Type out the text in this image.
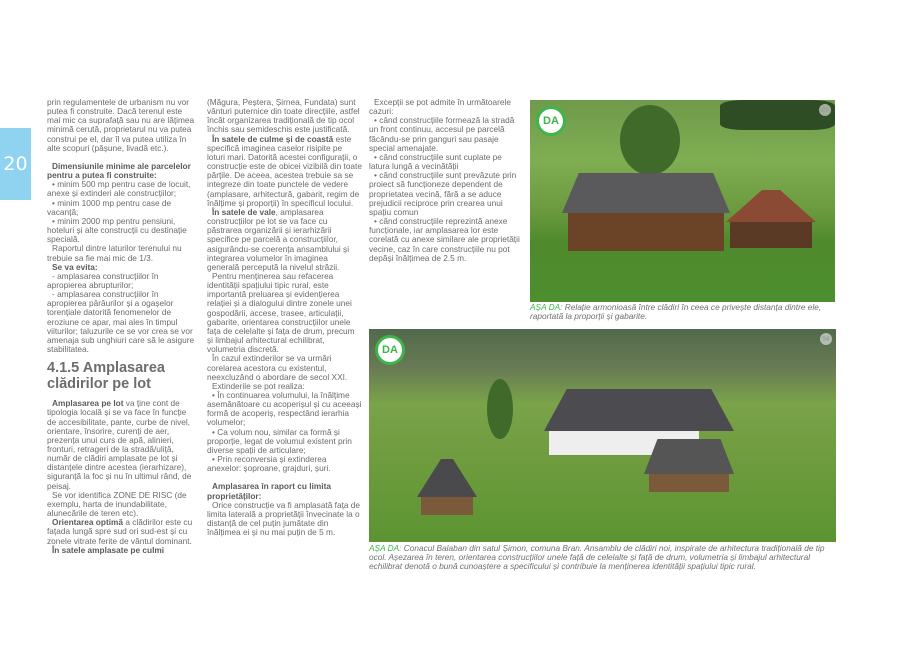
20

prin regulamentele de urbanism nu vor putea fi construite. Dacă terenul este mai mic ca suprafață sau nu are lățimea minimă cerută, proprietarul nu va putea construi pe el, dar îl va putea utiliza în alte scopuri (pășune, livadă etc.).

Dimensiunile minime ale parcelelor pentru a putea fi construite:

• minim 500 mp pentru case de locuit, anexe și extinderi ale construcțiilor;

• minim 1000 mp pentru case de vacanță;

• minim 2000 mp pentru pensiuni, hoteluri și alte construcții cu destinație specială.

Raportul dintre laturilor terenului nu trebuie sa fie mai mic de 1/3.

Se va evita:

- amplasarea construcțiilor în apropierea abrupturilor;

- amplasarea construcțiilor în apropierea pârâurilor și a ogașelor torențiale datorită fenomenelor de eroziune ce apar, mai ales în timpul viiturilor; taluzurile ce se vor crea se vor amenaja sub unghiuri care să le asigure stabilitatea.

4.1.5 Amplasarea clădirilor pe lot

Amplasarea pe lot va ține cont de tipologia locală și se va face în funcție de accesibilitate, pante, curbe de nivel, orientare, însorire, curenți de aer, prezența unui curs de apă, alinieri, fronturi, retrageri de la stradă/uliță, număr de clădiri amplasate pe lot și distanțele dintre acestea (ierarhizare), siguranță la foc și nu în ultimul rând, de peisaj.

Se vor identifica ZONE DE RISC (de exemplu, harta de inundabilitate, alunecările de teren etc).

Orientarea optimă a clădirilor este cu fațada lungă spre sud ori sud-est și cu zonele vitrate ferite de vântul dominant.

În satele amplasate pe culmi

(Măgura, Peștera, Șirnea, Fundata) sunt vânturi puternice din toate direcțiile, astfel încât organizarea tradițională de tip ocol închis sau semideschis este justificată.

În satele de culme și de coastă este specifică imaginea caselor risipite pe loturi mari. Datorită acestei configurații, o construcție este de obicei vizibilă din toate părțile. De aceea, acestea trebuie sa se integreze din toate punctele de vedere (amplasare, arhitectură, gabarit, regim de înălțime și proporții) în specificul locului.

În satele de vale, amplasarea construcțiilor pe lot se va face cu păstrarea organizării și ierarhizării specifice pe parcelă a construcțiilor, asigurându-se coerența ansamblului și integrarea volumelor în imaginea generală percepută la nivelul străzii.

Pentru menținerea sau refacerea identității spațiului tipic rural, este importantă preluarea și evidențierea relației și a dialogului dintre zonele unei gospodării, accese, trasee, articulații, gabarite, orientarea construcțiilor unele fața de celelalte și fața de drum, precum și limbajul arhitectural echilibrat, volumetria discretă.

În cazul extinderilor se va urmări corelarea acestora cu existentul, neexcluzând o abordare de secol XXI.

Extinderile se pot realiza:

• În continuarea volumului, la înălțime asemănătoare cu acoperișul și cu aceeași formă de acoperiș, respectând ierarhia volumelor;

• Ca volum nou, similar ca formă și proporție, legat de volumul existent prin diverse spații de articulare;

• Prin reconversia și extinderea anexelor: șoproane, grajduri, șuri.

Amplasarea în raport cu limita proprietăților:

Orice construcție va fi amplasată fața de limita laterală a proprietății învecinate la o distanță de cel puțin jumătate din înălțimea ei și nu mai puțin de 5 m.

Excepții se pot admite în următoarele cazuri:

• când construcțiile formează la stradă un front continuu, accesul pe parcelă făcându-se prin ganguri sau pasaje special amenajate.

• când construcțiile sunt cuplate pe latura lungă a vecinătății

• când construcțiile sunt prevăzute prin proiect să funcționeze dependent de proprietatea vecină, fără a se aduce prejudicii reciproce prin crearea unui spațiu comun

• când construcțiile reprezintă anexe funcționale, iar amplasarea lor este corelată cu anexe similare ale proprietății vecine, caz în care construcțiile nu pot depăși înălțimea de 2.5 m.

DA
93
AȘA DA: Relație armonioasă între clădiri în ceea ce privește distanța dintre ele, raportată la proporții și gabarite.
DA
94
AȘA DA: Conacul Balaban din satul Șimon, comuna Bran. Ansamblu de clădiri noi, inspirate de arhitectura tradițională de tip ocol. Așezarea în teren, orientarea construcțiilor unele față de celelalte și față de drum, volumetria și limbajul arhitectural echilibrat denotă o bună cunoaștere a specificului și contribuie la menținerea identității spațiului tipic rural.
